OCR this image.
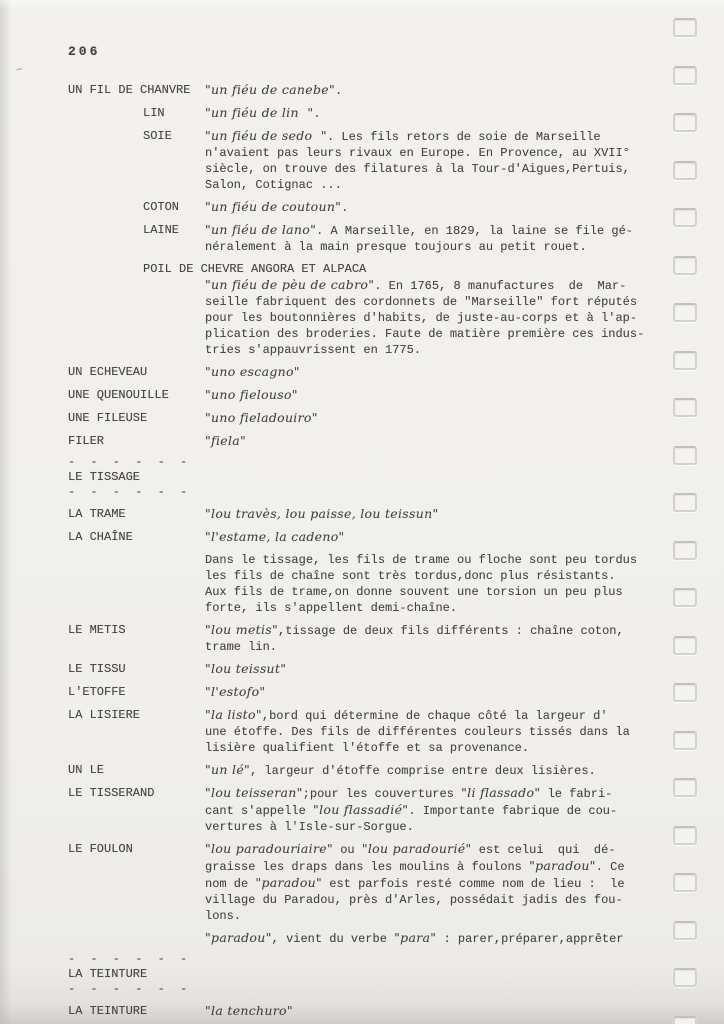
~
206
UN FIL DE CHANVRE	"un fiéu de canebe".
LIN	"un fiéu de lin  ".
SOIE	"un fiéu de sedo  ". Les fils retors de soie de Marseille
n'avaient pas leurs rivaux en Europe. En Provence, au XVII°
siècle, on trouve des filatures à la Tour-d'Aigues,Pertuis,
Salon, Cotignac ...
COTON	"un fiéu de coutoun".
LAINE	"un fiéu de lano". A Marseille, en 1829, la laine se file gé-
néralement à la main presque toujours au petit rouet.
POIL DE CHEVRE ANGORA ET ALPACA
"un fiéu de pèu de cabro". En 1765, 8 manufactures  de  Mar-
seille fabriquent des cordonnets de "Marseille" fort réputés
pour les boutonnières d'habits, de juste-au-corps et à l'ap-
plication des broderies. Faute de matière première ces indus-
tries s'appauvrissent en 1775.
UN ECHEVEAU	"uno escagno"
UNE QUENOUILLE	"uno fielouso"
UNE FILEUSE	"uno fieladouiro"
FILER	"fiela"
- - - - - -
LE TISSAGE
- - - - - -
LA TRAME	"lou travès, lou paisse, lou teissun"
LA CHAÎNE	"l'estame, la cadeno"
Dans le tissage, les fils de trame ou floche sont peu tordus
les fils de chaîne sont très tordus,donc plus résistants.
Aux fils de trame,on donne souvent une torsion un peu plus
forte, ils s'appellent demi-chaîne.
LE METIS	"lou metis",tissage de deux fils différents : chaîne coton,
trame lin.
LE TISSU	"lou teissut"
L'ETOFFE	"l'estofo"
LA LISIERE	"la listo",bord qui détermine de chaque côté la largeur d'
une étoffe. Des fils de différentes couleurs tissés dans la
lisière qualifient l'étoffe et sa provenance.
UN LE	"un lé", largeur d'étoffe comprise entre deux lisières.
LE TISSERAND	"lou teisseran";pour les couvertures "li flassado" le fabri-
cant s'appelle "lou flassadié". Importante fabrique de cou-
vertures à l'Isle-sur-Sorgue.
LE FOULON	"lou paradouriaire" ou "lou paradourié" est celui  qui  dé-
graisse les draps dans les moulins à foulons "paradou". Ce
nom de "paradou" est parfois resté comme nom de lieu :  le
village du Paradou, près d'Arles, possédait jadis des fou-
lons.
"paradou", vient du verbe "para" : parer,préparer,apprêter
- - - - - -
LA TEINTURE
- - - - - -
LA TEINTURE	"la tenchuro"
